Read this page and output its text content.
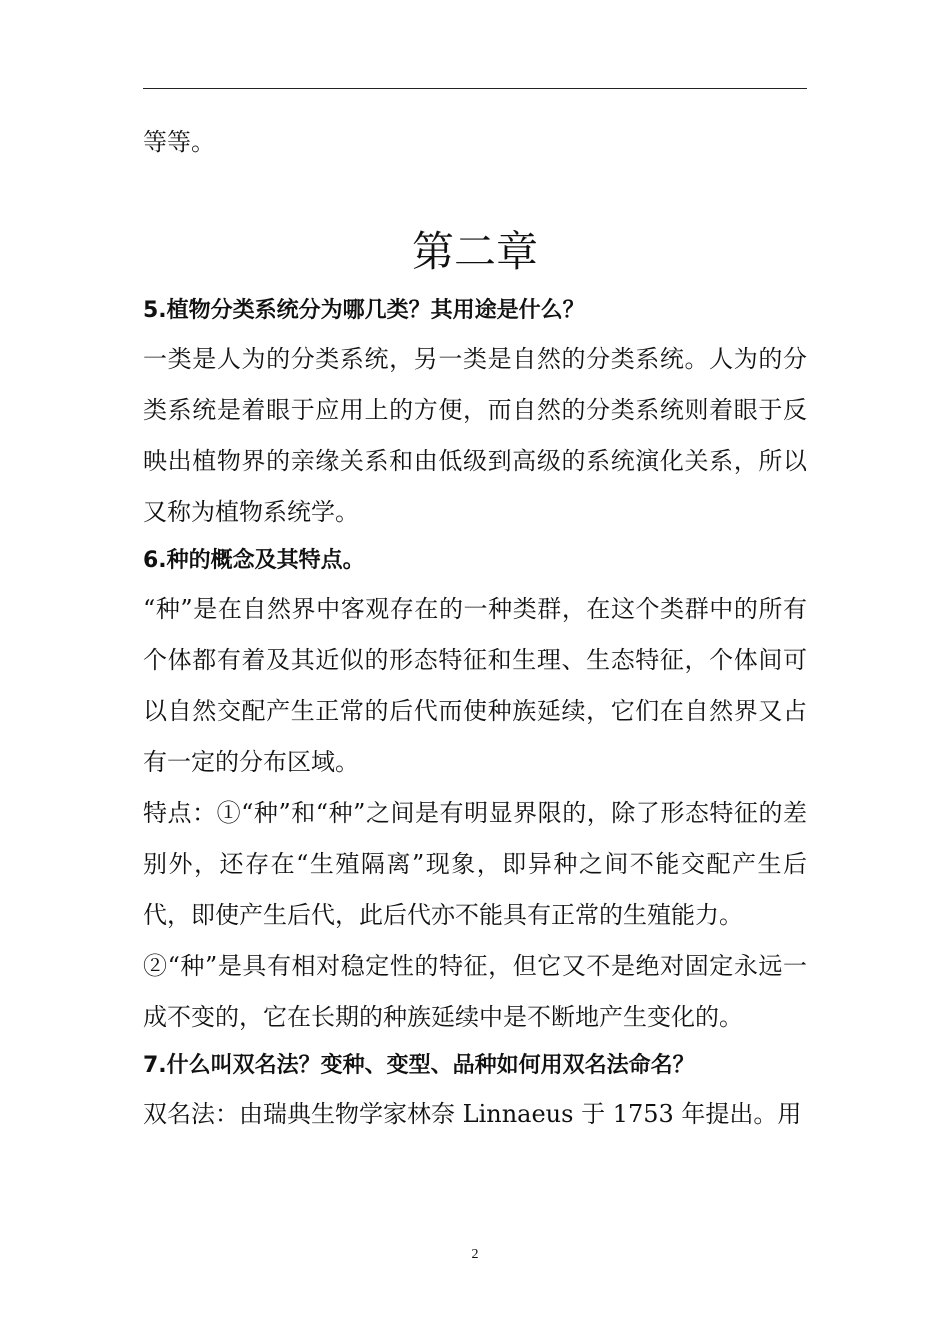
等等。

第二章

5.植物分类系统分为哪几类？其用途是什么？

一类是人为的分类系统，另一类是自然的分类系统。人为的分类系统是着眼于应用上的方便，而自然的分类系统则着眼于反映出植物界的亲缘关系和由低级到高级的系统演化关系，所以又称为植物系统学。

6.种的概念及其特点。

“种”是在自然界中客观存在的一种类群，在这个类群中的所有个体都有着及其近似的形态特征和生理、生态特征，个体间可以自然交配产生正常的后代而使种族延续，它们在自然界又占有一定的分布区域。

特点：①“种”和“种”之间是有明显界限的，除了形态特征的差别外，还存在“生殖隔离”现象，即异种之间不能交配产生后代，即使产生后代，此后代亦不能具有正常的生殖能力。

②“种”是具有相对稳定性的特征，但它又不是绝对固定永远一成不变的，它在长期的种族延续中是不断地产生变化的。

7.什么叫双名法？变种、变型、品种如何用双名法命名？

双名法：由瑞典生物学家林奈 Linnaeus 于 1753 年提出。用

2
